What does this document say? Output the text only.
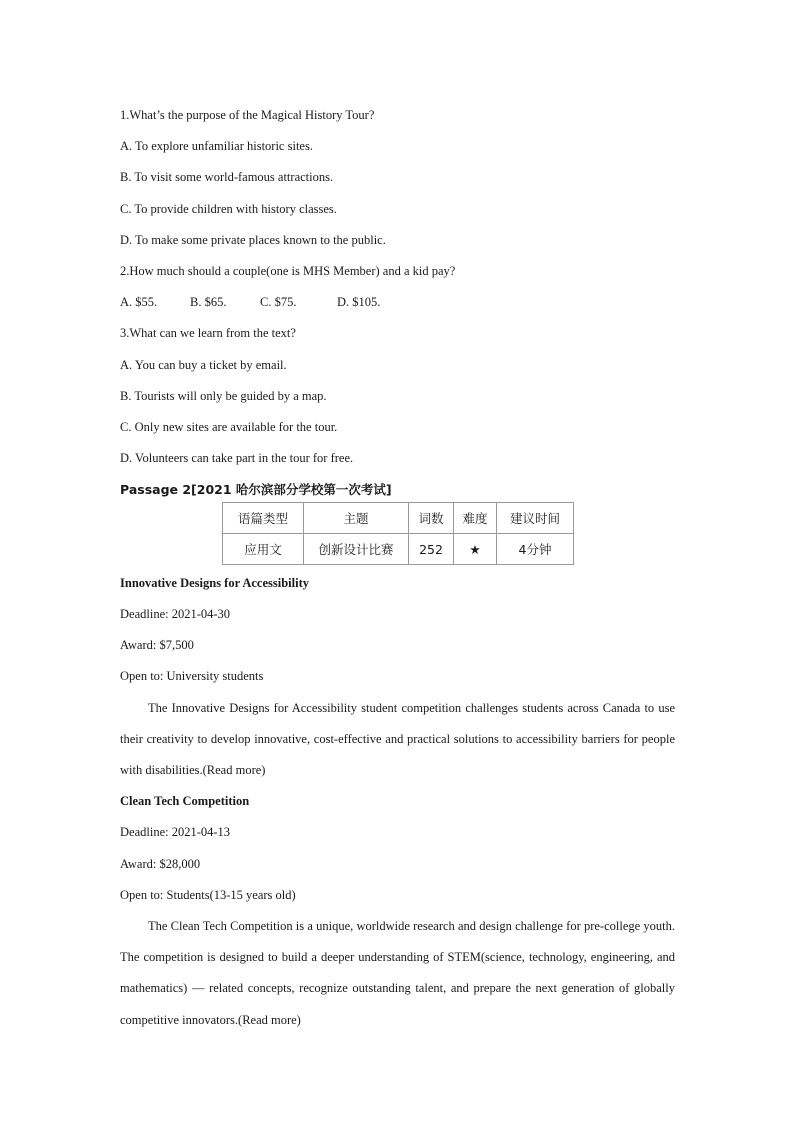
1.What’s the purpose of the Magical History Tour?
A. To explore unfamiliar historic sites.
B. To visit some world-famous attractions.
C. To provide children with history classes.
D. To make some private places known to the public.
2.How much should a couple(one is MHS Member) and a kid pay?
A. $55.	B. $65.	C. $75.	D. $105.
3.What can we learn from the text?
A. You can buy a ticket by email.
B. Tourists will only be guided by a map.
C. Only new sites are available for the tour.
D. Volunteers can take part in the tour for free.
Passage 2[2021 哈尔滨部分学校第一次考试]
语篇类型	主题	词数	难度	建议时间
应用文	创新设计比赛	252	★	4分钟
Innovative Designs for Accessibility
Deadline: 2021-04-30
Award: $7,500
Open to: University students

The Innovative Designs for Accessibility student competition challenges students across Canada to use their creativity to develop innovative, cost-effective and practical solutions to accessibility barriers for people with disabilities.(Read more)

Clean Tech Competition
Deadline: 2021-04-13
Award: $28,000
Open to: Students(13-15 years old)

The Clean Tech Competition is a unique, worldwide research and design challenge for pre-college youth. The competition is designed to build a deeper understanding of STEM(science, technology, engineering, and mathematics) — related concepts, recognize outstanding talent, and prepare the next generation of globally competitive innovators.(Read more)
